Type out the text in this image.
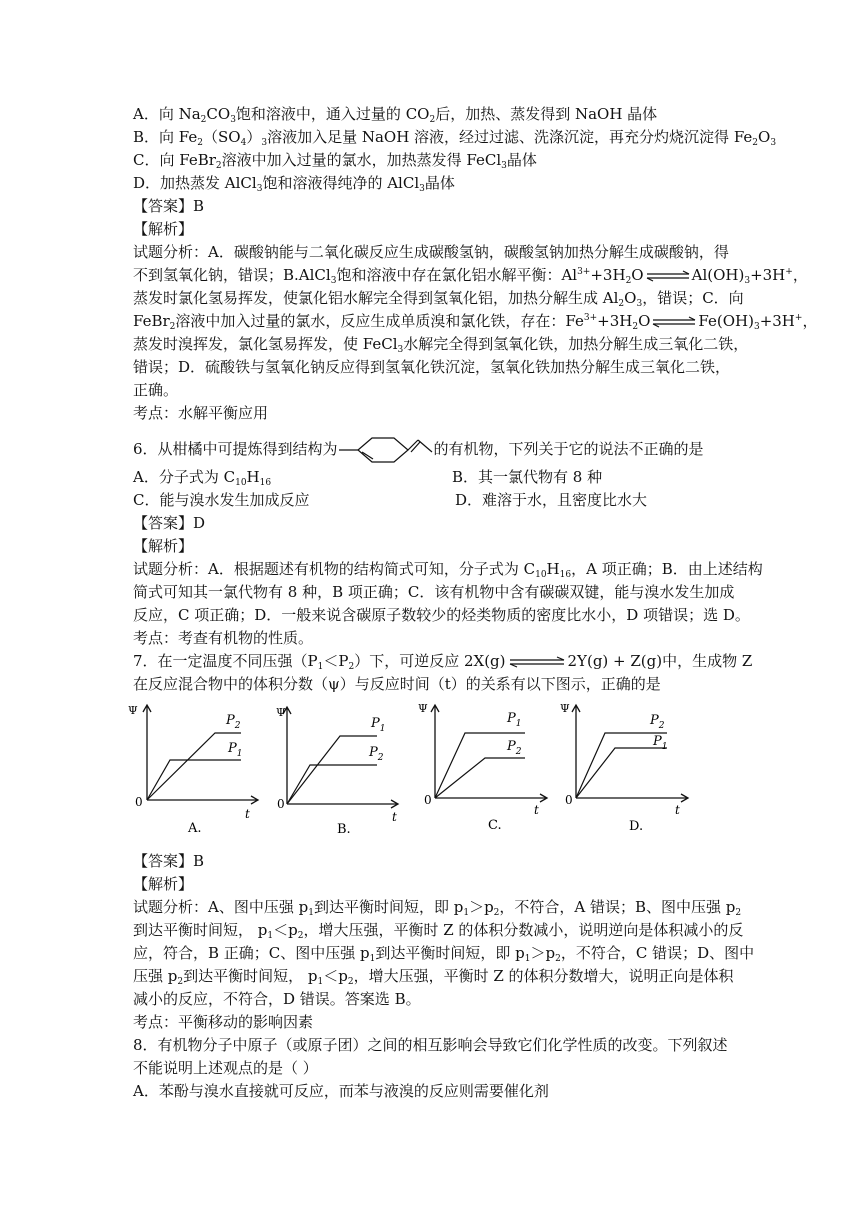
A．向 $Na_2CO_3$饱和溶液中，通入过量的 $CO_2$后，加热、蒸发得到 NaOH 晶体
B．向 $Fe_2(SO_4)_3$溶液加入足量 NaOH 溶液，经过过滤、洗涤沉淀，再充分灼烧沉淀得 $Fe_2O_3$
C．向 FeBr$_2$溶液中加入过量的氯水，加热蒸发得 FeCl$_3$晶体
D．加热蒸发 AlCl$_3$饱和溶液得纯净的 AlCl$_3$晶体
【答案】B
【解析】
试题分析：A．碳酸钠能与二氧化碳反应生成碳酸氢钠，碳酸氢钠加热分解生成碳酸钠，得
不到氢氧化钠，错误；B.AlCl$_3$饱和溶液中存在氯化铝水解平衡：$Al^{3+}+3H_2O\rightleftharpoons Al(OH)_3+3H^+$，
蒸发时氯化氢易挥发，使氯化铝水解完全得到氢氧化铝，加热分解生成 $Al_2O_3$，错误；C．向
FeBr$_2$溶液中加入过量的氯水，反应生成单质溴和氯化铁，存在：$Fe^{3+}+3H_2O\rightleftharpoons Fe(OH)_3+3H^+$，
蒸发时溴挥发，氯化氢易挥发，使 FeCl$_3$水解完全得到氢氧化铁，加热分解生成三氧化二铁，
错误；D．硫酸铁与氢氧化钠反应得到氢氧化铁沉淀，氢氧化铁加热分解生成三氧化二铁，
正确。
考点：水解平衡应用
6．从柑橘中可提炼得到结构为	的有机物，下列关于它的说法不正确的是
A．分子式为 $C_{10}H_{16}$	B．其一氯代物有 8 种
C．能与溴水发生加成反应	D．难溶于水，且密度比水大
【答案】D
【解析】
试题分析：A．根据题述有机物的结构简式可知，分子式为 $C_{10}H_{16}$，A 项正确；B．由上述结构
简式可知其一氯代物有 8 种，B 项正确；C．该有机物中含有碳碳双键，能与溴水发生加成
反应，C 项正确；D．一般来说含碳原子数较少的烃类物质的密度比水小，D 项错误；选 D。
考点：考查有机物的性质。
7．在一定温度不同压强$(P_1<P_2)$下，可逆反应 2X(g)	2Y(g) + Z(g)中，生成物 Z
在反应混合物中的体积分数（ψ）与反应时间（t）的关系有以下图示，正确的是
Ψ
0
t
$P_2$
$P_1$
A.
Ψ
0
t
$P_1$
$P_2$
B.
Ψ
0
t
$P_1$
$P_2$
C.
Ψ
0
t
$P_2$
$P_1$
D.
【答案】B
【解析】
试题分析：A、图中压强 $p_1$到达平衡时间短，即 $p_1>p_2$，不符合，A 错误；B、图中压强 $p_2$
到达平衡时间短， $p_1<p_2$，增大压强，平衡时 Z 的体积分数减小，说明逆向是体积减小的反
应，符合，B 正确；C、图中压强 $p_1$到达平衡时间短，即 $p_1>p_2$，不符合，C 错误；D、图中
压强 $p_2$到达平衡时间短， $p_1<p_2$，增大压强，平衡时 Z 的体积分数增大，说明正向是体积
减小的反应，不符合，D 错误。答案选 B。
考点：平衡移动的影响因素
8．有机物分子中原子（或原子团）之间的相互影响会导致它们化学性质的改变。下列叙述
不能说明上述观点的是（ ）
A．苯酚与溴水直接就可反应，而苯与液溴的反应则需要催化剂
